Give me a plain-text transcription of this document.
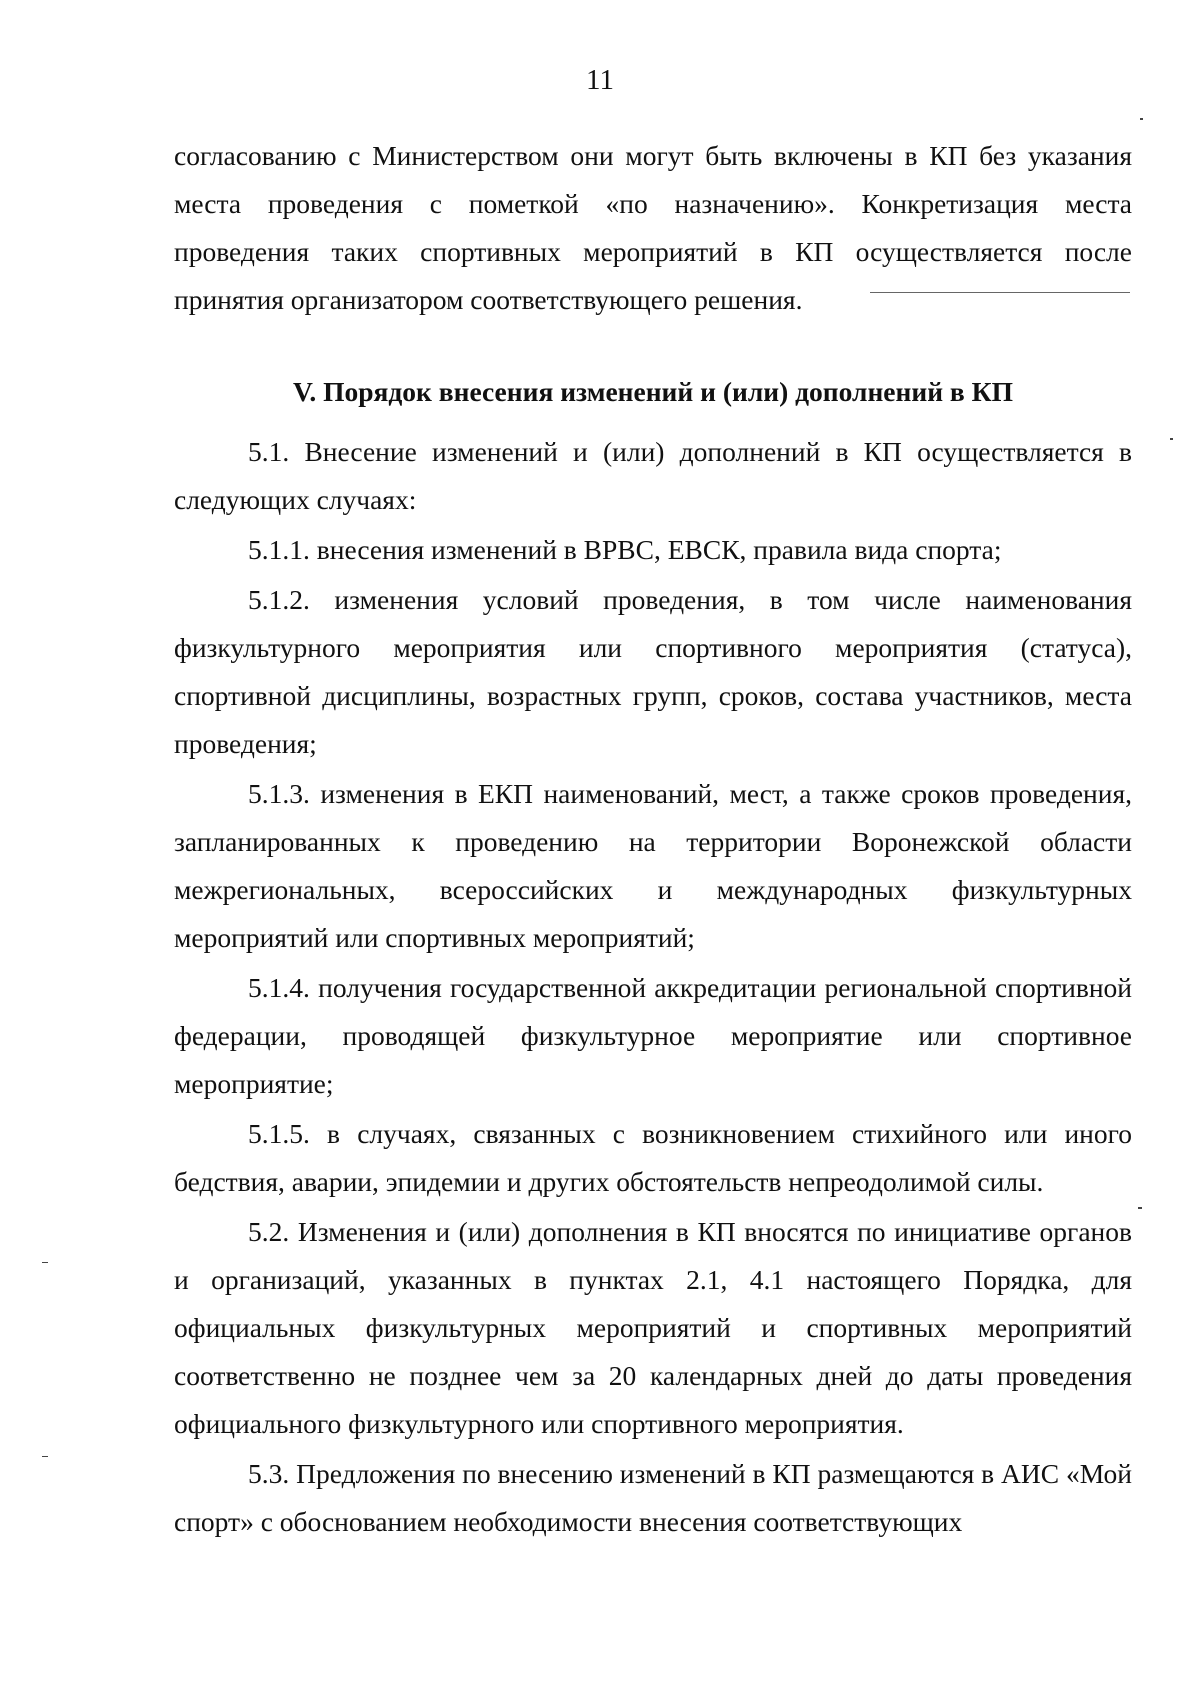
11

согласованию с Министерством они могут быть включены в КП без указания места проведения с пометкой «по назначению». Конкретизация места проведения таких спортивных мероприятий в КП осуществляется после принятия организатором соответствующего решения.

V. Порядок внесения изменений и (или) дополнений в КП

5.1. Внесение изменений и (или) дополнений в КП осуществляется в следующих случаях:

5.1.1. внесения изменений в ВРВС, ЕВСК, правила вида спорта;

5.1.2. изменения условий проведения, в том числе наименования физкультурного мероприятия или спортивного мероприятия (статуса), спортивной дисциплины, возрастных групп, сроков, состава участников, места проведения;

5.1.3. изменения в ЕКП наименований, мест, а также сроков проведения, запланированных к проведению на территории Воронежской области межрегиональных, всероссийских и международных физкультурных мероприятий или спортивных мероприятий;

5.1.4. получения государственной аккредитации региональной спортивной федерации, проводящей физкультурное мероприятие или спортивное мероприятие;

5.1.5. в случаях, связанных с возникновением стихийного или иного бедствия, аварии, эпидемии и других обстоятельств непреодолимой силы.

5.2. Изменения и (или) дополнения в КП вносятся по инициативе органов и организаций, указанных в пунктах 2.1, 4.1 настоящего Порядка, для официальных физкультурных мероприятий и спортивных мероприятий соответственно не позднее чем за 20 календарных дней до даты проведения официального физкультурного или спортивного мероприятия.

5.3. Предложения по внесению изменений в КП размещаются в АИС «Мой спорт» с обоснованием необходимости внесения соответствующих
